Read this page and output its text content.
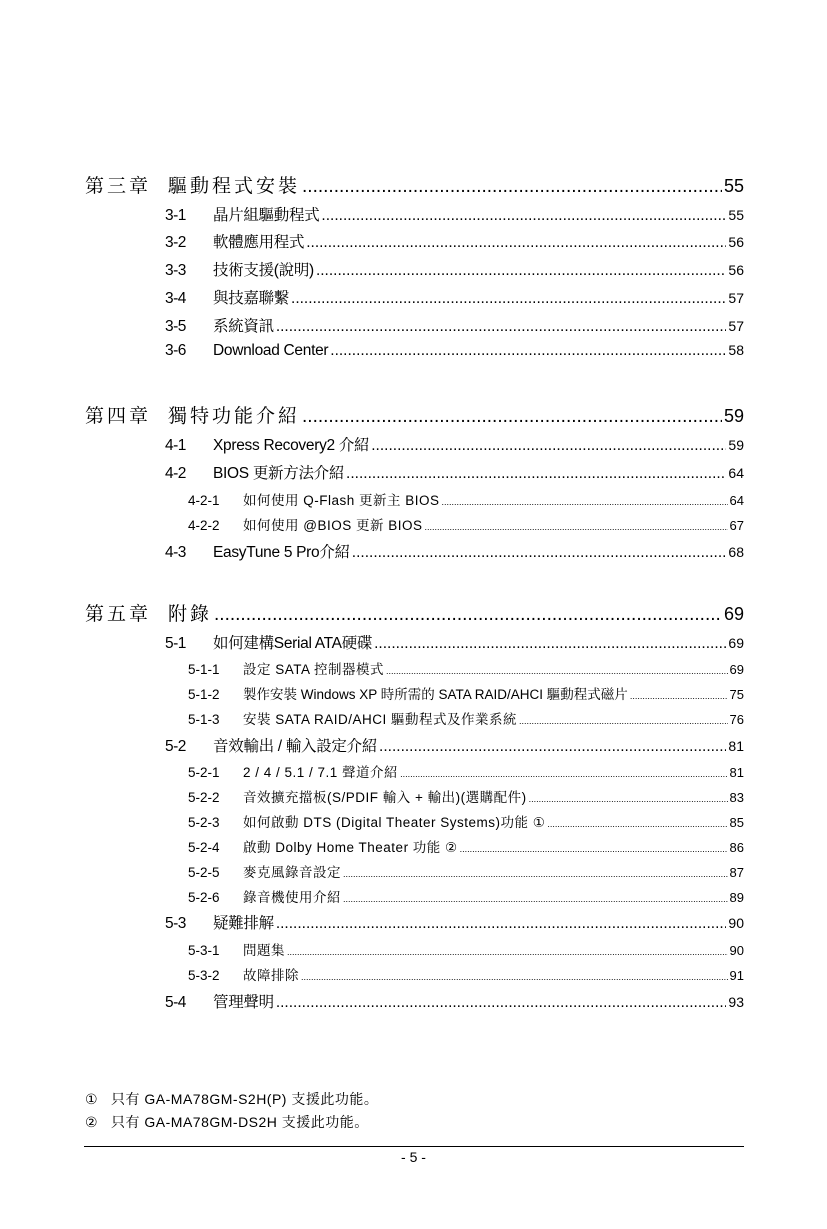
第三章 驅動程式安裝 .....	55
3-1	晶片組驅動程式 .....	55
3-2	軟體應用程式 .....	56
3-3	技術支援(說明) .....	56
3-4	與技嘉聯繫 .....	57
3-5	系統資訊 .....	57
3-6	Download Center .....	58
第四章 獨特功能介紹 .....	59
4-1	Xpress Recovery2 介紹 .....	59
4-2	BIOS 更新方法介紹 .....	64
4-2-1	如何使用 Q-Flash 更新主 BIOS .....	64
4-2-2	如何使用 @BIOS 更新 BIOS .....	67
4-3	EasyTune 5 Pro介紹 .....	68
第五章 附錄 .....	69
5-1	如何建構Serial ATA硬碟 .....	69
5-1-1	設定 SATA 控制器模式 .....	69
5-1-2	製作安裝 Windows XP 時所需的 SATA RAID/AHCI 驅動程式磁片 .....	75
5-1-3	安裝 SATA RAID/AHCI 驅動程式及作業系統 .....	76
5-2	音效輸出 / 輸入設定介紹 .....	81
5-2-1	2 / 4 / 5.1 / 7.1 聲道介紹 .....	81
5-2-2	音效擴充擋板(S/PDIF 輸入 + 輸出)(選購配件) .....	83
5-2-3	如何啟動 DTS (Digital Theater Systems)功能 ① .....	85
5-2-4	啟動 Dolby Home Theater 功能 ② .....	86
5-2-5	麥克風錄音設定 .....	87
5-2-6	錄音機使用介紹 .....	89
5-3	疑難排解 .....	90
5-3-1	問題集 .....	90
5-3-2	故障排除 .....	91
5-4	管理聲明 .....	93
① 只有 GA-MA78GM-S2H(P) 支援此功能。
② 只有 GA-MA78GM-DS2H 支援此功能。
- 5 -
